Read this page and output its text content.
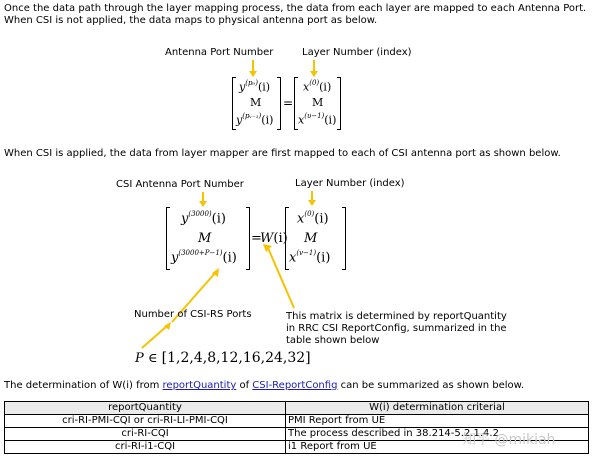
Once the data path through the layer mapping process, the data from each layer are mapped to each Antenna Port.
When CSI is not applied, the data maps to physical antenna port as below.
Antenna Port Number	Layer Number (index)
$y^{(p_0)}(i)$
M
$y^{(pᵥ_{-1})}(i)$
=
$x^{(0)}(i)$
M
$x^{(\upsilon-1)}(i)$
When CSI is applied, the data from layer mapper are first mapped to each of CSI antenna port as shown below.
CSI Antenna Port Number	Layer Number (index)
$y^{(3000)}(i)$
M
$y^{(3000+P-1)}(i)$
=
W(i)
$x^{(0)}(i)$
M
$x^{(v-1)}(i)$
Number of CSI-RS Ports	This matrix is determined by reportQuantity
in RRC CSI ReportConfig, summarized in the
table shown below
P ∈ [1,2,4,8,12,16,24,32]
The determination of W(i) from reportQuantity of CSI-ReportConfig can be summarized as shown below.
reportQuantity	W(i) determination criterial
cri-RI-PMI-CQI or cri-RI-LI-PMI-CQI	PMI Report from UE
cri-RI-CQI	The process described in 38.214-5.2.1.4.2
cri-RI-i1-CQI	i1 Report from UE	知乎 @mikiah
